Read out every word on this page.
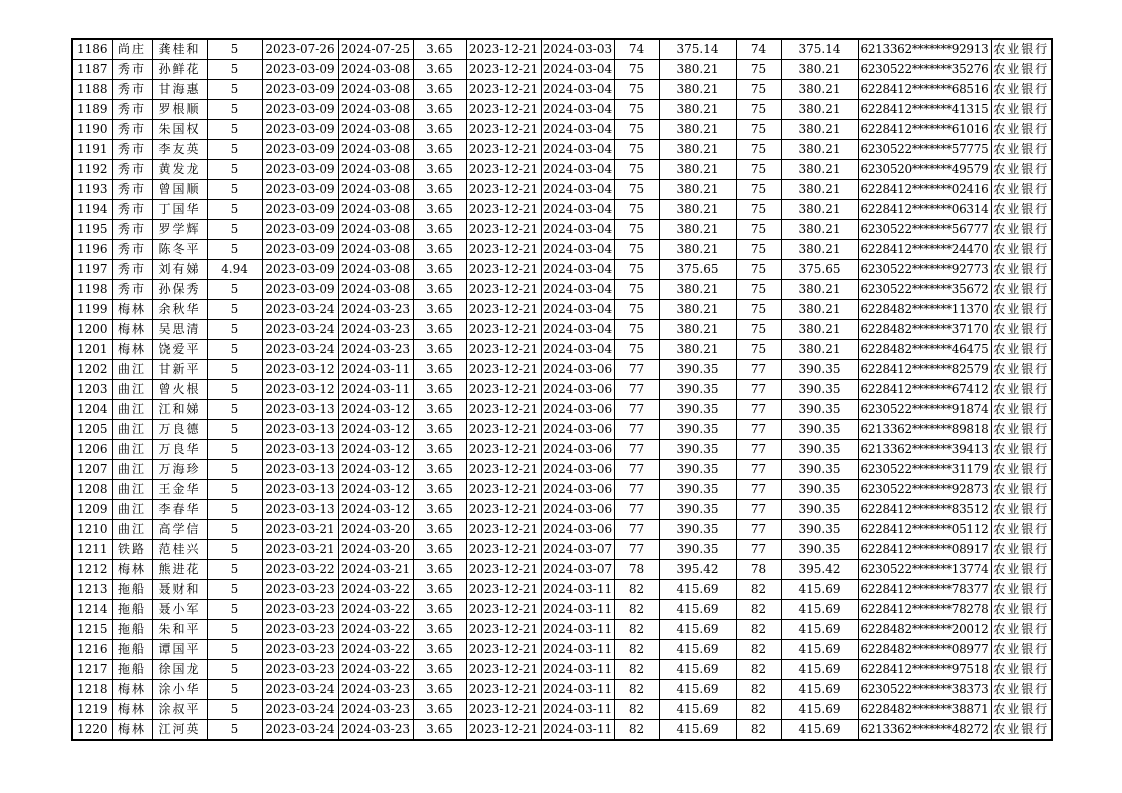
1186	尚庄	龚桂和	5	2023-07-26	2024-07-25	3.65	2023-12-21	2024-03-03	74	375.14	74	375.14	6213362*******92913	农业银行
1187	秀市	孙鲜花	5	2023-03-09	2024-03-08	3.65	2023-12-21	2024-03-04	75	380.21	75	380.21	6230522*******35276	农业银行
1188	秀市	甘海惠	5	2023-03-09	2024-03-08	3.65	2023-12-21	2024-03-04	75	380.21	75	380.21	6228412*******68516	农业银行
1189	秀市	罗根顺	5	2023-03-09	2024-03-08	3.65	2023-12-21	2024-03-04	75	380.21	75	380.21	6228412*******41315	农业银行
1190	秀市	朱国权	5	2023-03-09	2024-03-08	3.65	2023-12-21	2024-03-04	75	380.21	75	380.21	6228412*******61016	农业银行
1191	秀市	李友英	5	2023-03-09	2024-03-08	3.65	2023-12-21	2024-03-04	75	380.21	75	380.21	6230522*******57775	农业银行
1192	秀市	黄发龙	5	2023-03-09	2024-03-08	3.65	2023-12-21	2024-03-04	75	380.21	75	380.21	6230520*******49579	农业银行
1193	秀市	曾国顺	5	2023-03-09	2024-03-08	3.65	2023-12-21	2024-03-04	75	380.21	75	380.21	6228412*******02416	农业银行
1194	秀市	丁国华	5	2023-03-09	2024-03-08	3.65	2023-12-21	2024-03-04	75	380.21	75	380.21	6228412*******06314	农业银行
1195	秀市	罗学辉	5	2023-03-09	2024-03-08	3.65	2023-12-21	2024-03-04	75	380.21	75	380.21	6230522*******56777	农业银行
1196	秀市	陈冬平	5	2023-03-09	2024-03-08	3.65	2023-12-21	2024-03-04	75	380.21	75	380.21	6228412*******24470	农业银行
1197	秀市	刘有娣	4.94	2023-03-09	2024-03-08	3.65	2023-12-21	2024-03-04	75	375.65	75	375.65	6230522*******92773	农业银行
1198	秀市	孙保秀	5	2023-03-09	2024-03-08	3.65	2023-12-21	2024-03-04	75	380.21	75	380.21	6230522*******35672	农业银行
1199	梅林	余秋华	5	2023-03-24	2024-03-23	3.65	2023-12-21	2024-03-04	75	380.21	75	380.21	6228482*******11370	农业银行
1200	梅林	吴思清	5	2023-03-24	2024-03-23	3.65	2023-12-21	2024-03-04	75	380.21	75	380.21	6228482*******37170	农业银行
1201	梅林	饶爱平	5	2023-03-24	2024-03-23	3.65	2023-12-21	2024-03-04	75	380.21	75	380.21	6228482*******46475	农业银行
1202	曲江	甘新平	5	2023-03-12	2024-03-11	3.65	2023-12-21	2024-03-06	77	390.35	77	390.35	6228412*******82579	农业银行
1203	曲江	曾火根	5	2023-03-12	2024-03-11	3.65	2023-12-21	2024-03-06	77	390.35	77	390.35	6228412*******67412	农业银行
1204	曲江	江和娣	5	2023-03-13	2024-03-12	3.65	2023-12-21	2024-03-06	77	390.35	77	390.35	6230522*******91874	农业银行
1205	曲江	万良德	5	2023-03-13	2024-03-12	3.65	2023-12-21	2024-03-06	77	390.35	77	390.35	6213362*******89818	农业银行
1206	曲江	万良华	5	2023-03-13	2024-03-12	3.65	2023-12-21	2024-03-06	77	390.35	77	390.35	6213362*******39413	农业银行
1207	曲江	万海珍	5	2023-03-13	2024-03-12	3.65	2023-12-21	2024-03-06	77	390.35	77	390.35	6230522*******31179	农业银行
1208	曲江	王金华	5	2023-03-13	2024-03-12	3.65	2023-12-21	2024-03-06	77	390.35	77	390.35	6230522*******92873	农业银行
1209	曲江	李春华	5	2023-03-13	2024-03-12	3.65	2023-12-21	2024-03-06	77	390.35	77	390.35	6228412*******83512	农业银行
1210	曲江	高学信	5	2023-03-21	2024-03-20	3.65	2023-12-21	2024-03-06	77	390.35	77	390.35	6228412*******05112	农业银行
1211	铁路	范桂兴	5	2023-03-21	2024-03-20	3.65	2023-12-21	2024-03-07	77	390.35	77	390.35	6228412*******08917	农业银行
1212	梅林	熊进花	5	2023-03-22	2024-03-21	3.65	2023-12-21	2024-03-07	78	395.42	78	395.42	6230522*******13774	农业银行
1213	拖船	聂财和	5	2023-03-23	2024-03-22	3.65	2023-12-21	2024-03-11	82	415.69	82	415.69	6228412*******78377	农业银行
1214	拖船	聂小军	5	2023-03-23	2024-03-22	3.65	2023-12-21	2024-03-11	82	415.69	82	415.69	6228412*******78278	农业银行
1215	拖船	朱和平	5	2023-03-23	2024-03-22	3.65	2023-12-21	2024-03-11	82	415.69	82	415.69	6228482*******20012	农业银行
1216	拖船	谭国平	5	2023-03-23	2024-03-22	3.65	2023-12-21	2024-03-11	82	415.69	82	415.69	6228482*******08977	农业银行
1217	拖船	徐国龙	5	2023-03-23	2024-03-22	3.65	2023-12-21	2024-03-11	82	415.69	82	415.69	6228412*******97518	农业银行
1218	梅林	涂小华	5	2023-03-24	2024-03-23	3.65	2023-12-21	2024-03-11	82	415.69	82	415.69	6230522*******38373	农业银行
1219	梅林	涂叔平	5	2023-03-24	2024-03-23	3.65	2023-12-21	2024-03-11	82	415.69	82	415.69	6228482*******38871	农业银行
1220	梅林	江河英	5	2023-03-24	2024-03-23	3.65	2023-12-21	2024-03-11	82	415.69	82	415.69	6213362*******48272	农业银行
